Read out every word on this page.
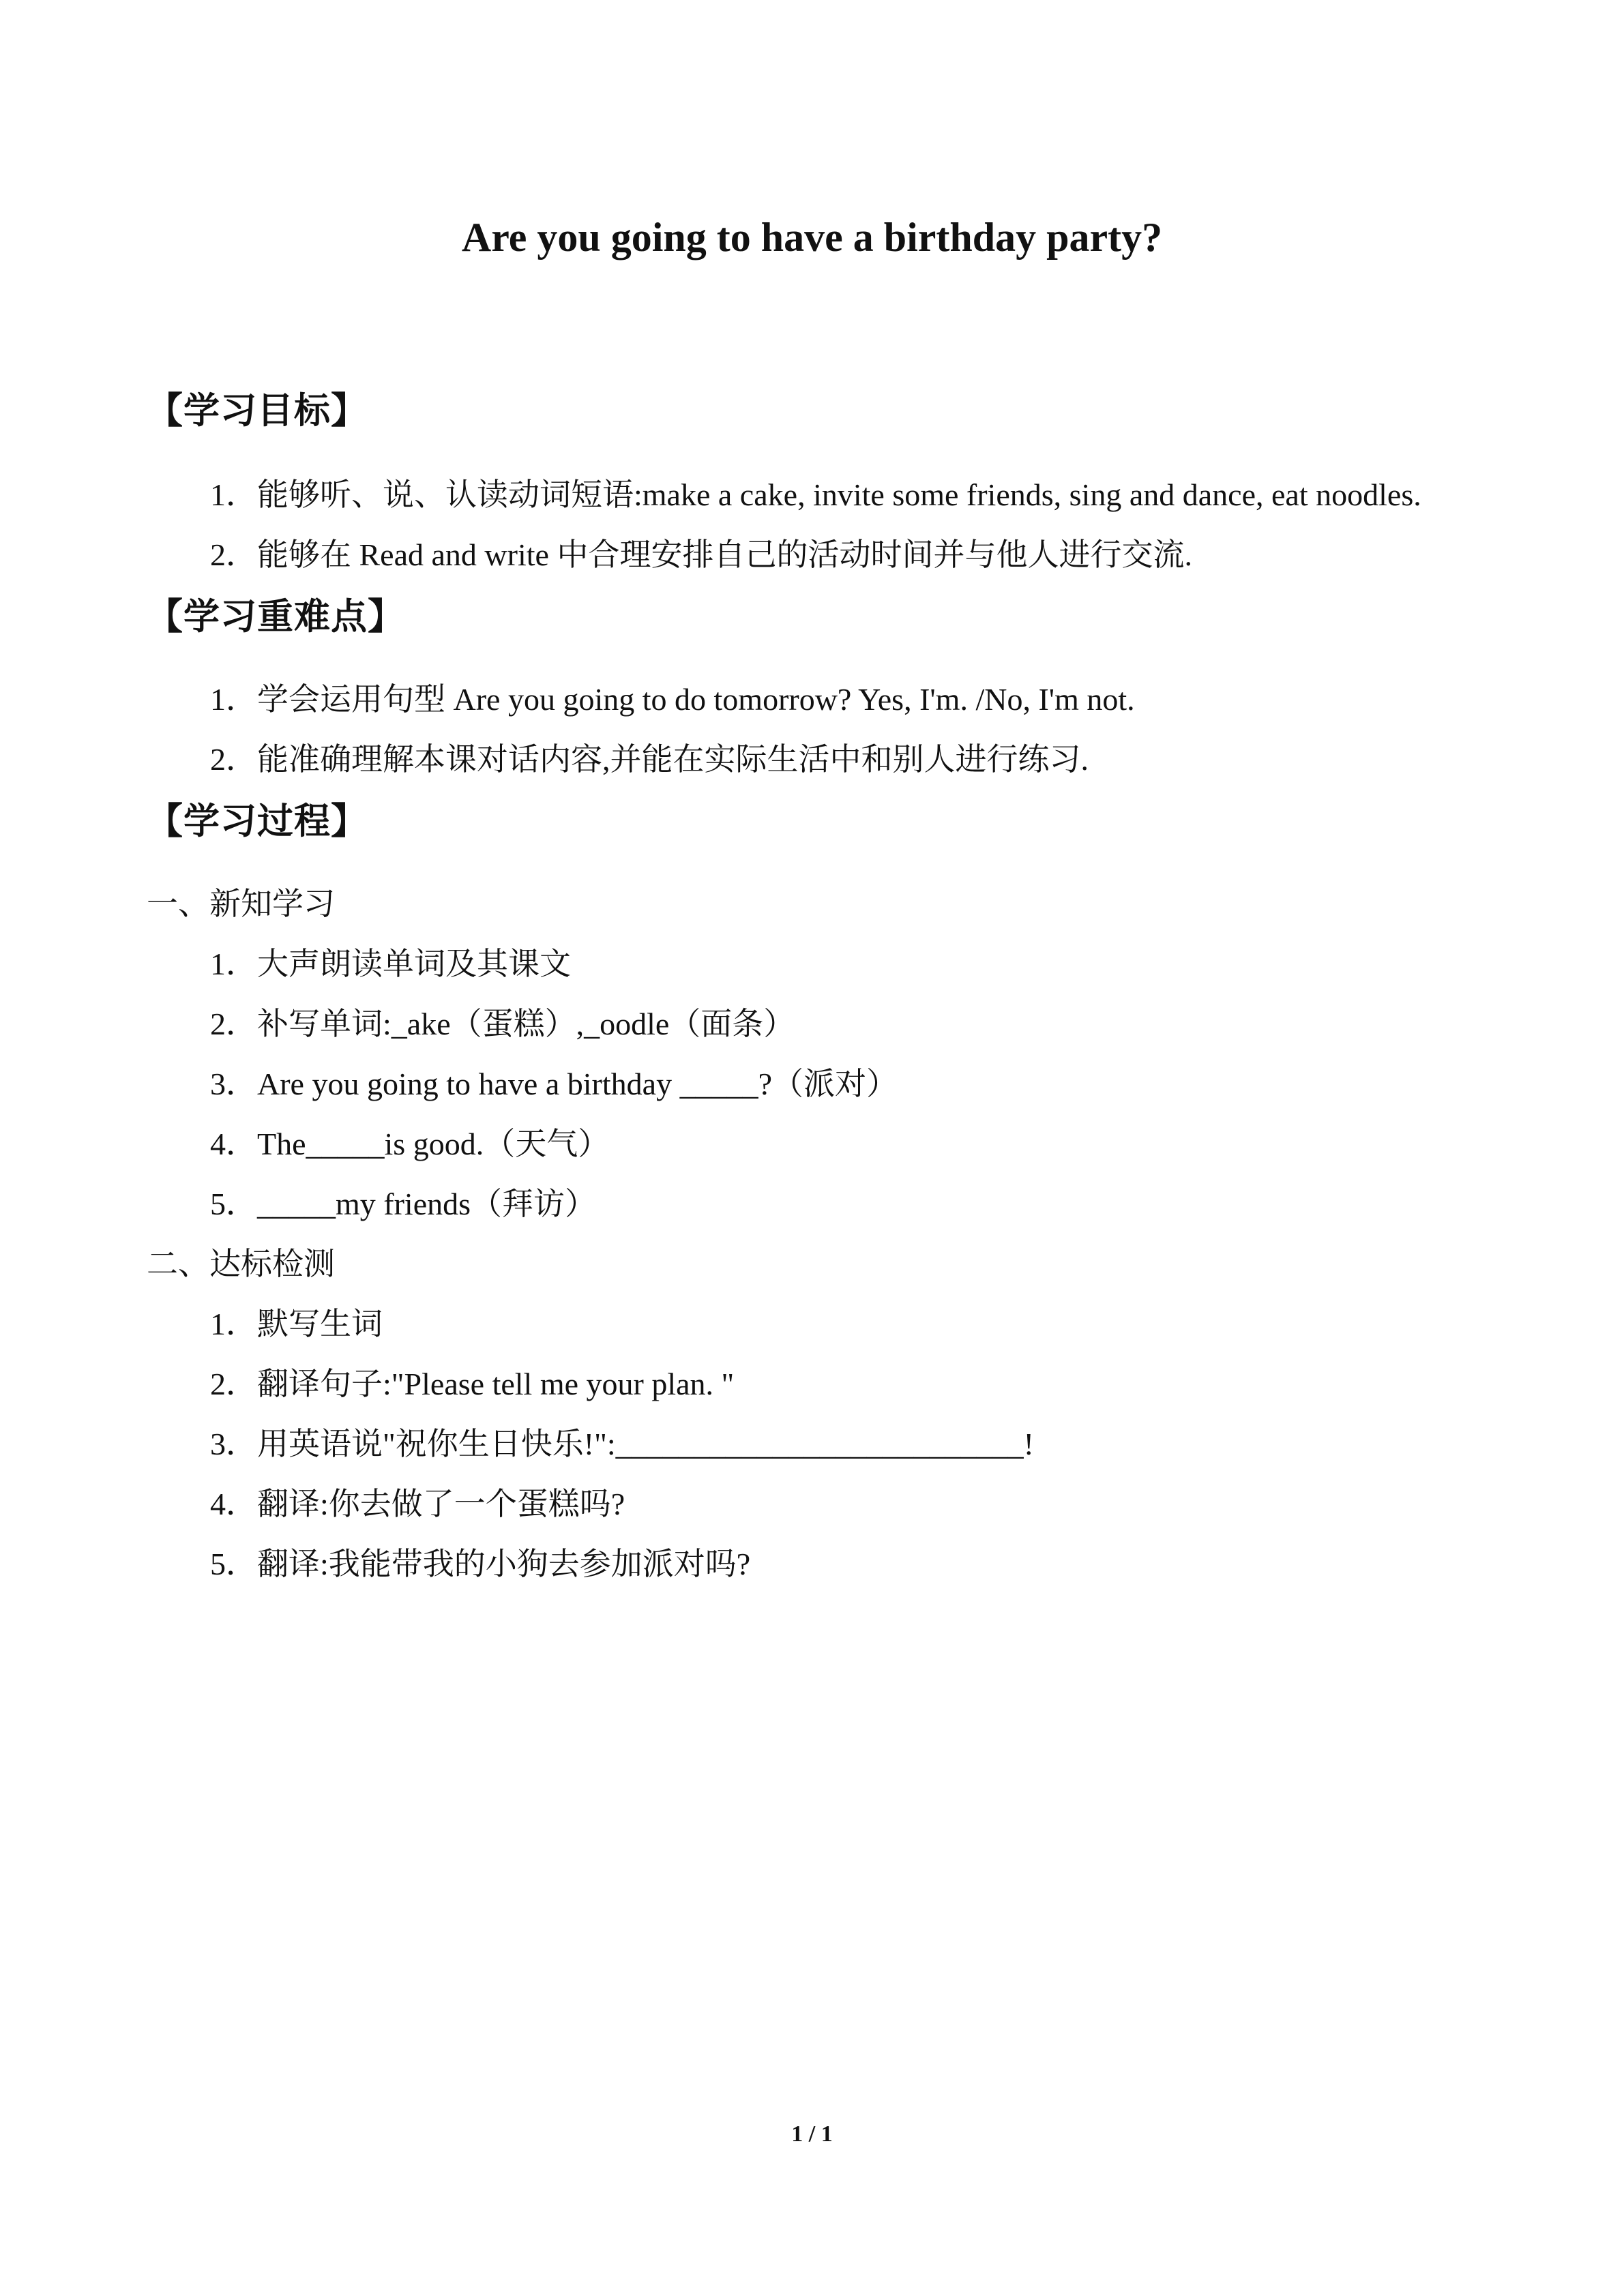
Are you going to have a birthday party?
【学习目标】
1．能够听、说、认读动词短语:make a cake, invite some friends, sing and dance, eat noodles.
2．能够在 Read and write 中合理安排自己的活动时间并与他人进行交流.
【学习重难点】
1．学会运用句型 Are you going to do tomorrow? Yes, I'm. /No, I'm not.
2．能准确理解本课对话内容,并能在实际生活中和别人进行练习.
【学习过程】
一、新知学习
1．大声朗读单词及其课文
2．补写单词:_ake（蛋糕）,_oodle（面条）
3．Are you going to have a birthday _____?（派对）
4．The_____is good.（天气）
5．_____my friends（拜访）
二、达标检测
1．默写生词
2．翻译句子:"Please tell me your plan. "
3．用英语说"祝你生日快乐!":__________________________!
4．翻译:你去做了一个蛋糕吗?
5．翻译:我能带我的小狗去参加派对吗?
1 / 1
